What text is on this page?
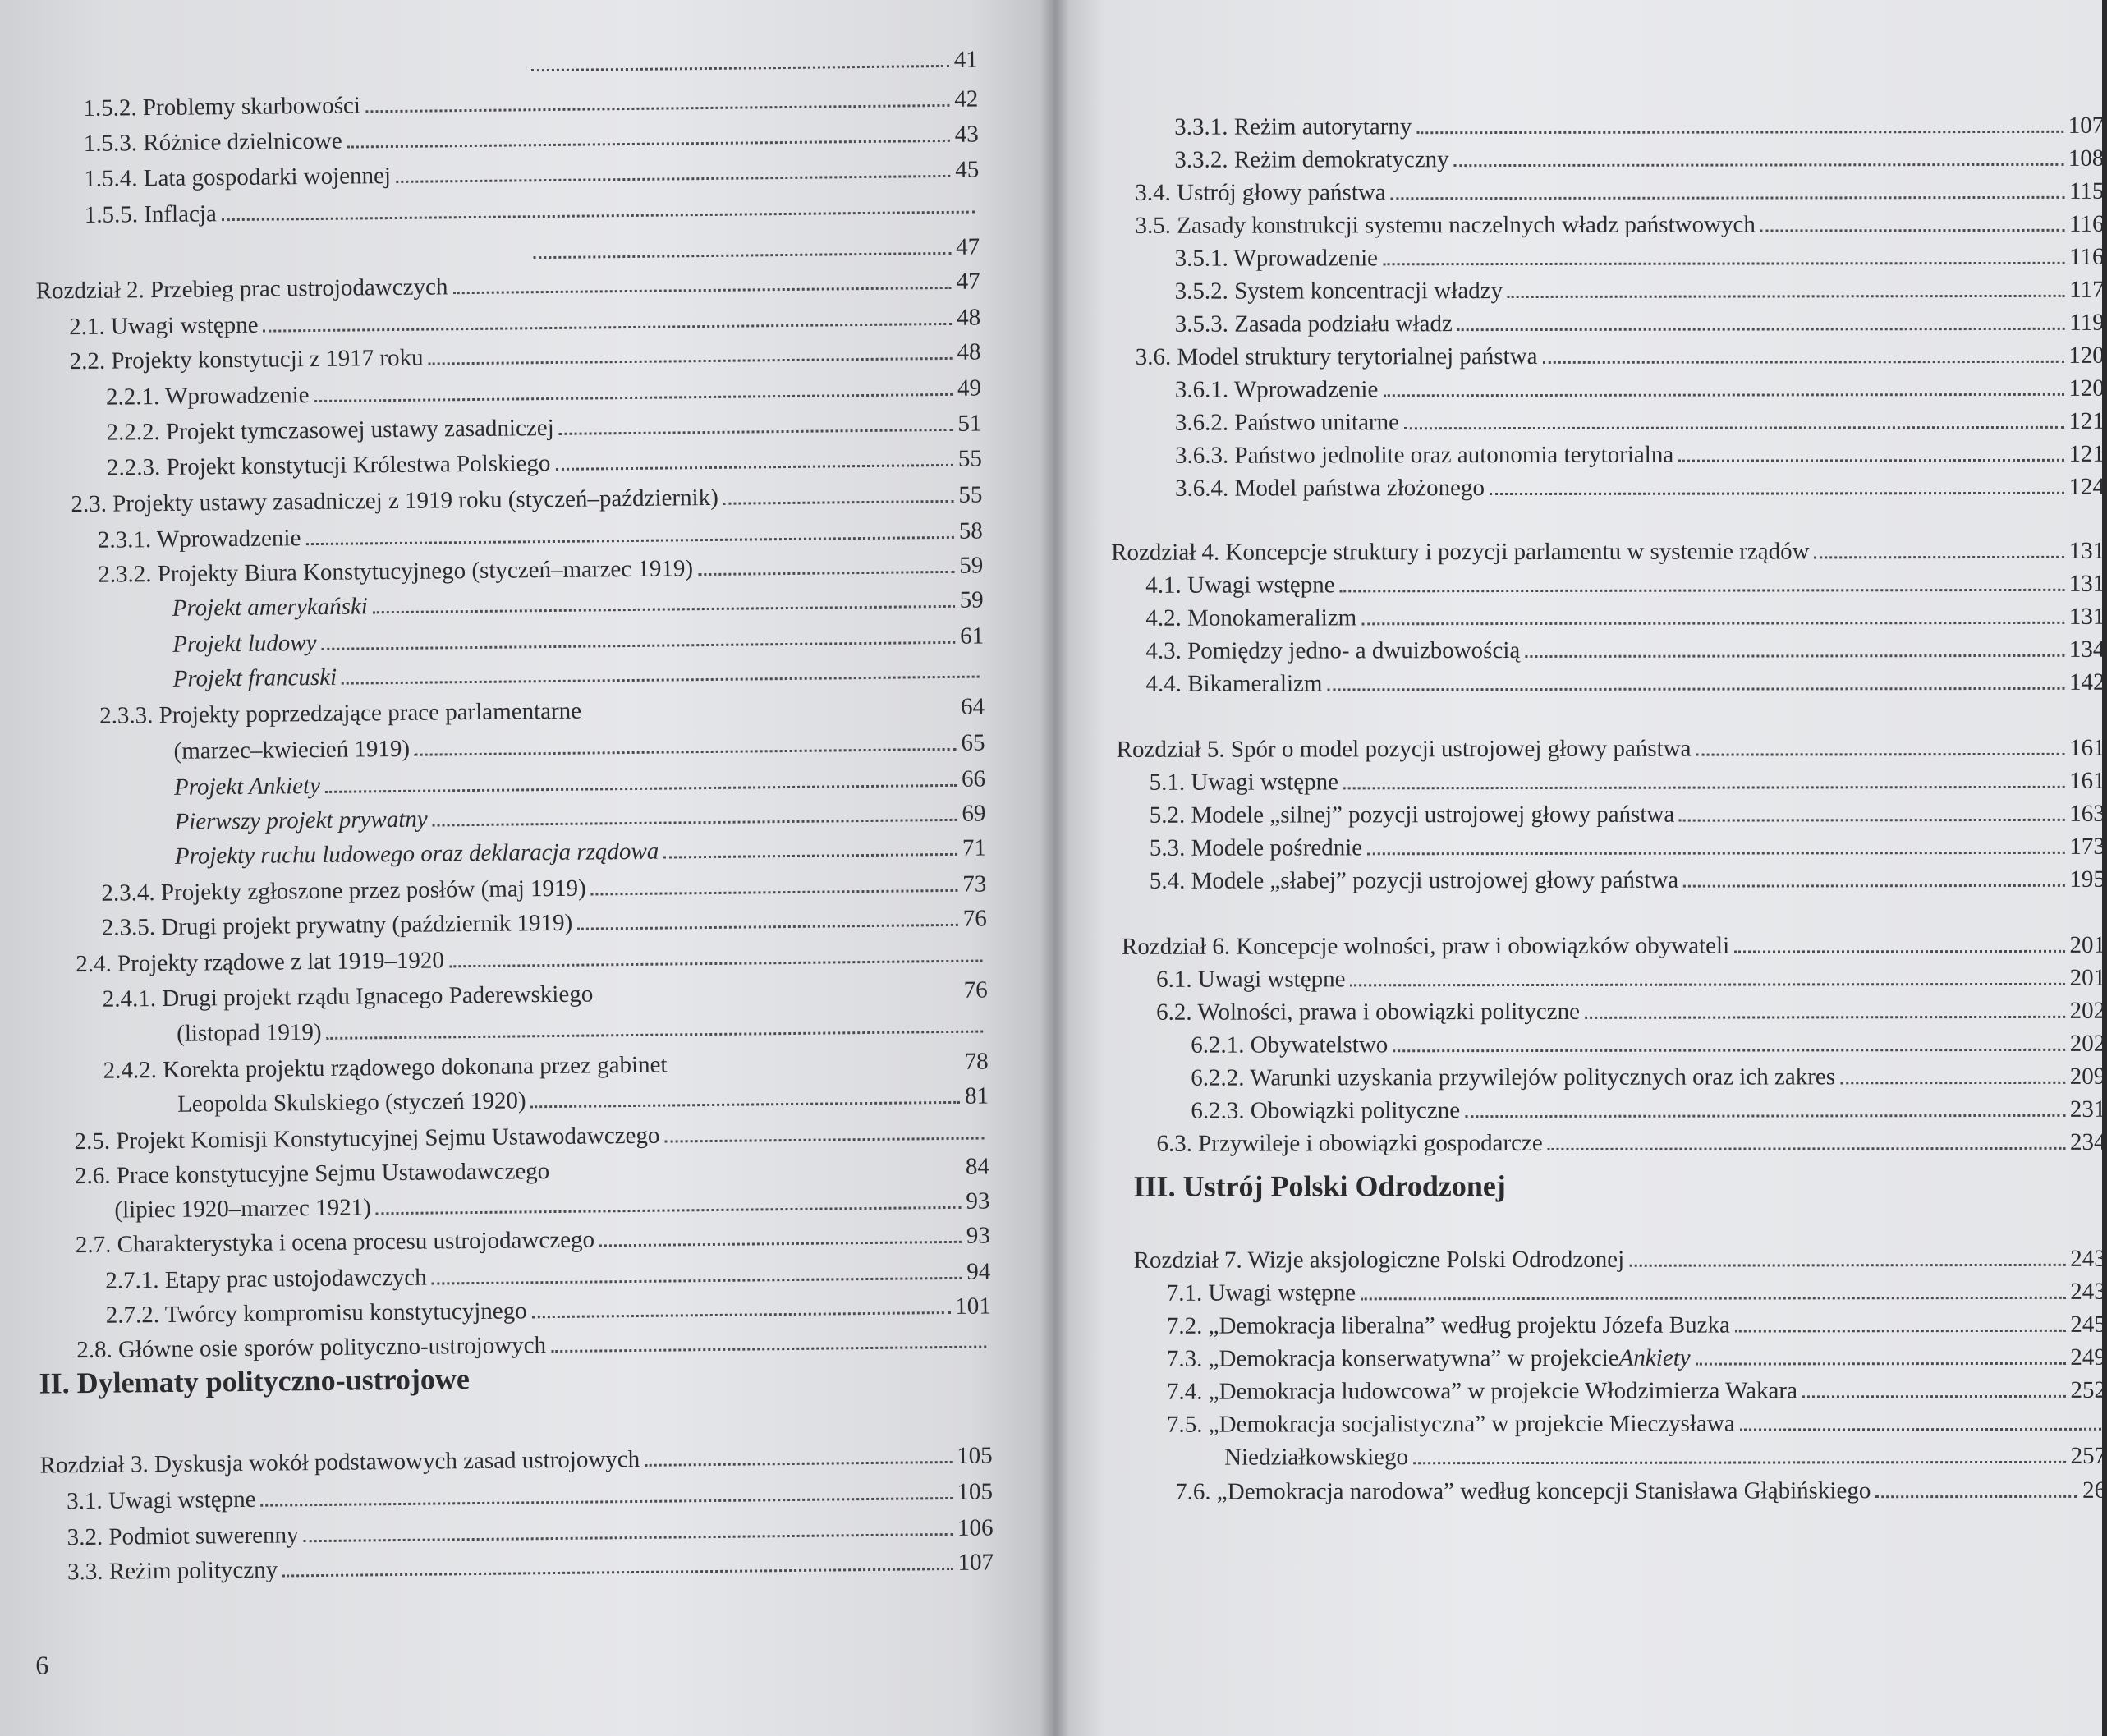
41
1.5.2. Problemy skarbowości	42
1.5.3. Różnice dzielnicowe	43
1.5.4. Lata gospodarki wojennej	45
1.5.5. Inflacja
47
Rozdział 2. Przebieg prac ustrojodawczych	47
2.1. Uwagi wstępne	48
2.2. Projekty konstytucji z 1917 roku	48
2.2.1. Wprowadzenie	49
2.2.2. Projekt tymczasowej ustawy zasadniczej	51
2.2.3. Projekt konstytucji Królestwa Polskiego	55
2.3. Projekty ustawy zasadniczej z 1919 roku (styczeń–październik)	55
2.3.1. Wprowadzenie	58
2.3.2. Projekty Biura Konstytucyjnego (styczeń–marzec 1919)	59
Projekt amerykański	59
Projekt ludowy	61
Projekt francuski
2.3.3. Projekty poprzedzające prace parlamentarne	64
(marzec–kwiecień 1919)	65
Projekt Ankiety	66
Pierwszy projekt prywatny	69
Projekty ruchu ludowego oraz deklaracja rządowa	71
2.3.4. Projekty zgłoszone przez posłów (maj 1919)	73
2.3.5. Drugi projekt prywatny (październik 1919)	76
2.4. Projekty rządowe z lat 1919–1920
2.4.1. Drugi projekt rządu Ignacego Paderewskiego	76
(listopad 1919)
2.4.2. Korekta projektu rządowego dokonana przez gabinet	78
Leopolda Skulskiego (styczeń 1920)	81
2.5. Projekt Komisji Konstytucyjnej Sejmu Ustawodawczego
2.6. Prace konstytucyjne Sejmu Ustawodawczego	84
(lipiec 1920–marzec 1921)	93
2.7. Charakterystyka i ocena procesu ustrojodawczego	93
2.7.1. Etapy prac ustojodawczych	94
2.7.2. Twórcy kompromisu konstytucyjnego	101
2.8. Główne osie sporów polityczno-ustrojowych
Rozdział 3. Dyskusja wokół podstawowych zasad ustrojowych	105
3.1. Uwagi wstępne	105
3.2. Podmiot suwerenny	106
3.3. Reżim polityczny	107
II. Dylematy polityczno-ustrojowe
6
3.3.1. Reżim autorytarny	107
3.3.2. Reżim demokratyczny	108
3.4. Ustrój głowy państwa	115
3.5. Zasady konstrukcji systemu naczelnych władz państwowych	116
3.5.1. Wprowadzenie	116
3.5.2. System koncentracji władzy	117
3.5.3. Zasada podziału władz	119
3.6. Model struktury terytorialnej państwa	120
3.6.1. Wprowadzenie	120
3.6.2. Państwo unitarne	121
3.6.3. Państwo jednolite oraz autonomia terytorialna	121
3.6.4. Model państwa złożonego	124
Rozdział 4. Koncepcje struktury i pozycji parlamentu w systemie rządów	131
4.1. Uwagi wstępne	131
4.2. Monokameralizm	131
4.3. Pomiędzy jedno- a dwuizbowością	134
4.4. Bikameralizm	142
Rozdział 5. Spór o model pozycji ustrojowej głowy państwa	161
5.1. Uwagi wstępne	161
5.2. Modele „silnej” pozycji ustrojowej głowy państwa	163
5.3. Modele pośrednie	173
5.4. Modele „słabej” pozycji ustrojowej głowy państwa	195
Rozdział 6. Koncepcje wolności, praw i obowiązków obywateli	201
6.1. Uwagi wstępne	201
6.2. Wolności, prawa i obowiązki polityczne	202
6.2.1. Obywatelstwo	202
6.2.2. Warunki uzyskania przywilejów politycznych oraz ich zakres	209
6.2.3. Obowiązki polityczne	231
6.3. Przywileje i obowiązki gospodarcze	234
Rozdział 7. Wizje aksjologiczne Polski Odrodzonej	243
7.1. Uwagi wstępne	243
7.2. „Demokracja liberalna” według projektu Józefa Buzka	245
7.3. „Demokracja konserwatywna” w projekcie Ankiety	249
7.4. „Demokracja ludowcowa” w projekcie Włodzimierza Wakara	252
7.5. „Demokracja socjalistyczna” w projekcie Mieczysława
Niedziałkowskiego	257
7.6. „Demokracja narodowa” według koncepcji Stanisława Głąbińskiego	26
III. Ustrój Polski Odrodzonej
